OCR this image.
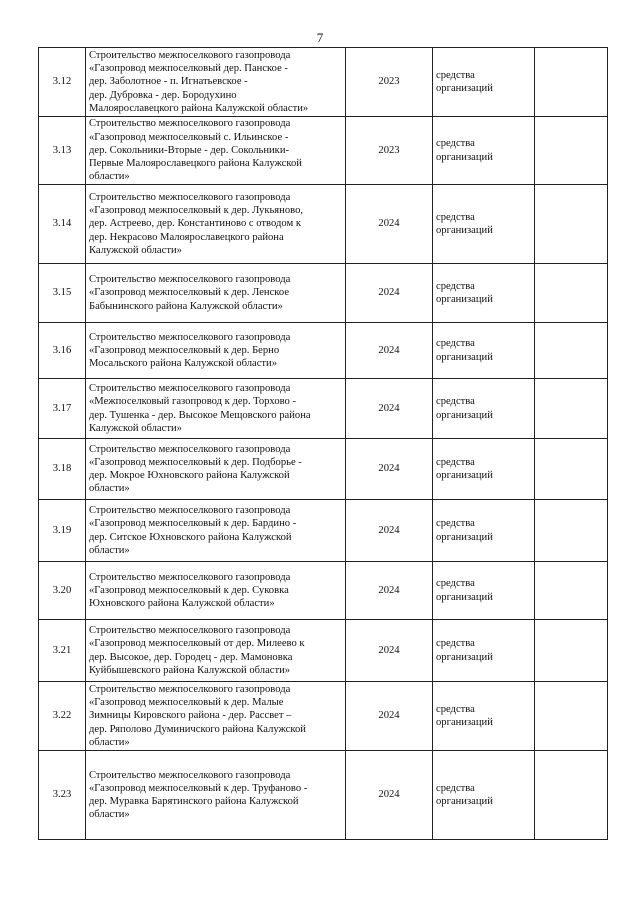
7
3.12	Строительство межпоселкового газопровода
«Газопровод межпоселковый дер. Панское -
дер. Заболотное - п. Игнатьевское -
дер. Дубровка - дер. Бородухино
Малоярославецкого района Калужской области»	2023	средства организаций	
3.13	Строительство межпоселкового газопровода
«Газопровод межпоселковый с. Ильинское -
дер. Сокольники-Вторые - дер. Сокольники-
Первые Малоярославецкого района Калужской
области»	2023	средства организаций	
3.14	Строительство межпоселкового газопровода
«Газопровод межпоселковый к дер. Лукьяново,
дер. Астреево, дер. Константиново с отводом к
дер. Некрасово Малоярославецкого района
Калужской области»	2024	средства организаций	
3.15	Строительство межпоселкового газопровода
«Газопровод межпоселковый к дер. Ленское
Бабынинского района Калужской области»	2024	средства организаций	
3.16	Строительство межпоселкового газопровода
«Газопровод межпоселковый к дер. Берно
Мосальского района Калужской области»	2024	средства организаций	
3.17	Строительство межпоселкового газопровода
«Межпоселковый газопровод к дер. Торхово -
дер. Тушенка - дер. Высокое Мещовского района
Калужской области»	2024	средства организаций	
3.18	Строительство межпоселкового газопровода
«Газопровод межпоселковый к дер. Подборье -
дер. Мокрое Юхновского района Калужской
области»	2024	средства организаций	
3.19	Строительство межпоселкового газопровода
«Газопровод межпоселковый к дер. Бардино -
дер. Ситское Юхновского района Калужской
области»	2024	средства организаций	
3.20	Строительство межпоселкового газопровода
«Газопровод межпоселковый к дер. Суковка
Юхновского района Калужской области»	2024	средства организаций	
3.21	Строительство межпоселкового газопровода
«Газопровод межпоселковый от дер. Милеево к
дер. Высокое, дер. Городец - дер. Мамоновка
Куйбышевского района Калужской области»	2024	средства организаций	
3.22	Строительство межпоселкового газопровода
«Газопровод межпоселковый к дер. Малые
Зимницы Кировского района - дер. Рассвет –
дер. Ряполово Думиничского района Калужской
области»	2024	средства организаций	
3.23	Строительство межпоселкового газопровода
«Газопровод межпоселковый к дер. Труфаново -
дер. Муравка Барятинского района Калужской
области»	2024	средства организаций	
